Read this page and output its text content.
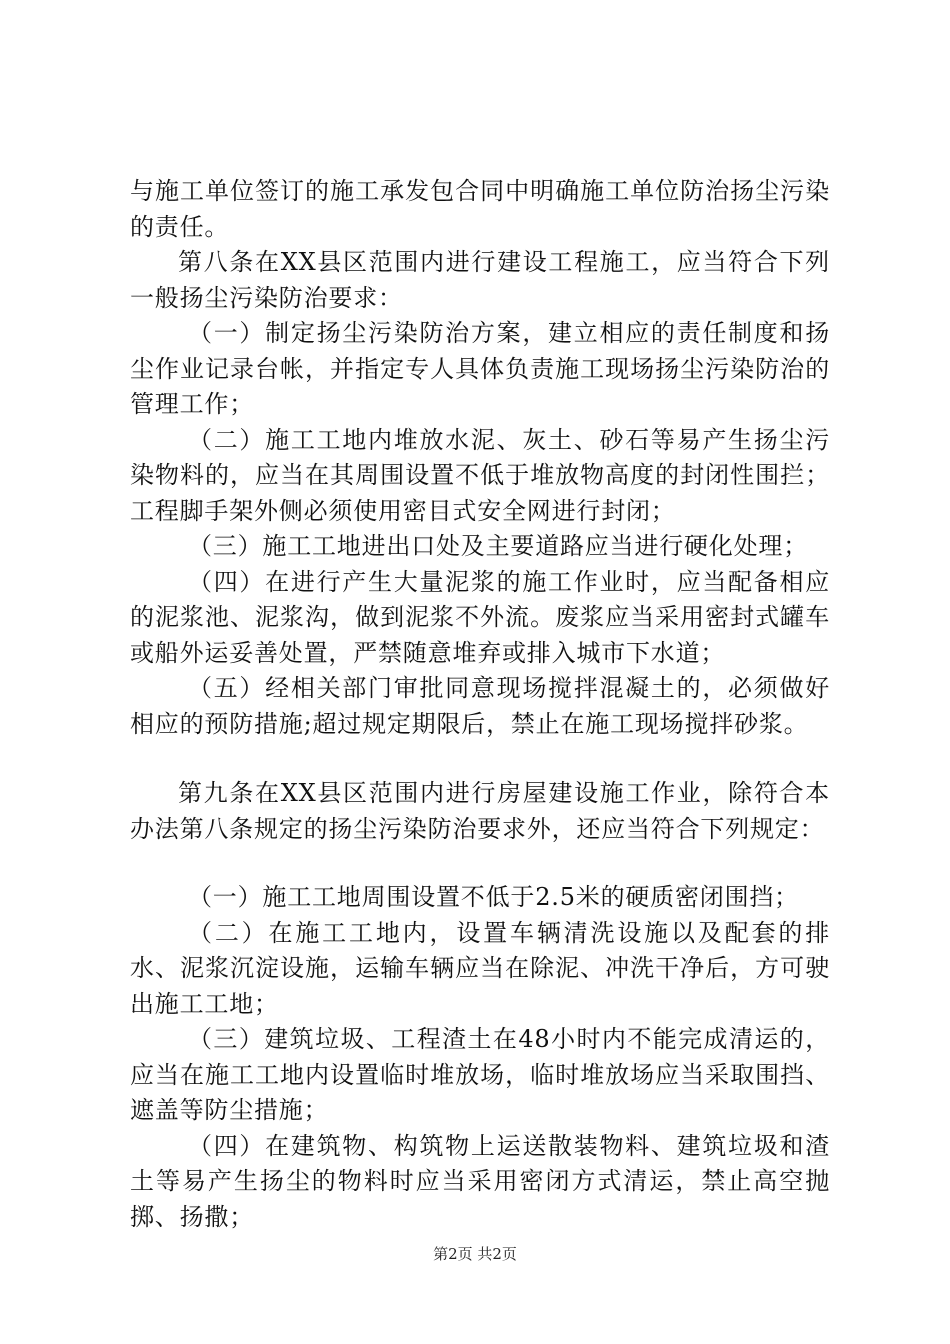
与施工单位签订的施工承发包合同中明确施工单位防治扬尘污染的责任。

第八条在XX县区范围内进行建设工程施工，应当符合下列一般扬尘污染防治要求：

（一）制定扬尘污染防治方案，建立相应的责任制度和扬尘作业记录台帐，并指定专人具体负责施工现场扬尘污染防治的管理工作；

（二）施工工地内堆放水泥、灰土、砂石等易产生扬尘污染物料的，应当在其周围设置不低于堆放物高度的封闭性围拦；工程脚手架外侧必须使用密目式安全网进行封闭；

（三）施工工地进出口处及主要道路应当进行硬化处理；

（四）在进行产生大量泥浆的施工作业时，应当配备相应的泥浆池、泥浆沟，做到泥浆不外流。废浆应当采用密封式罐车或船外运妥善处置，严禁随意堆弃或排入城市下水道；

（五）经相关部门审批同意现场搅拌混凝土的，必须做好相应的预防措施;超过规定期限后，禁止在施工现场搅拌砂浆。

第九条在XX县区范围内进行房屋建设施工作业，除符合本办法第八条规定的扬尘污染防治要求外，还应当符合下列规定：

（一）施工工地周围设置不低于2.5米的硬质密闭围挡；

（二）在施工工地内，设置车辆清洗设施以及配套的排水、泥浆沉淀设施，运输车辆应当在除泥、冲洗干净后，方可驶出施工工地；

（三）建筑垃圾、工程渣土在48小时内不能完成清运的，应当在施工工地内设置临时堆放场，临时堆放场应当采取围挡、遮盖等防尘措施；

（四）在建筑物、构筑物上运送散装物料、建筑垃圾和渣土等易产生扬尘的物料时应当采用密闭方式清运，禁止高空抛掷、扬撒；

第2页 共2页
